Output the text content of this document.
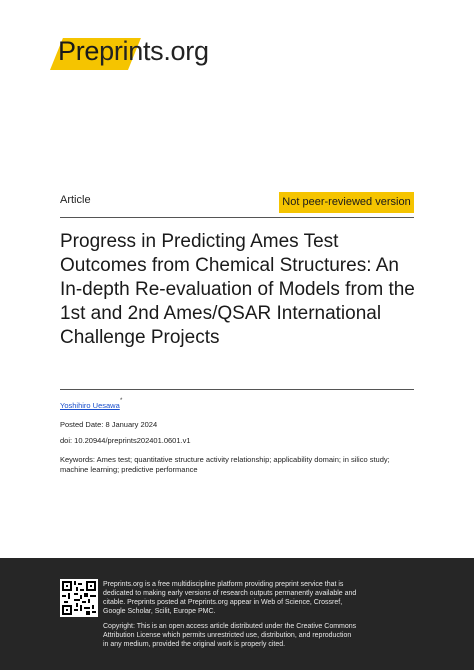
Preprints.org
Article	Not peer-reviewed version
Progress in Predicting Ames Test Outcomes from Chemical Structures: An In-depth Re-evaluation of Models from the 1st and 2nd Ames/QSAR International Challenge Projects
Yoshihiro Uesawa *
Posted Date: 8 January 2024
doi: 10.20944/preprints202401.0601.v1
Keywords: Ames test; quantitative structure activity relationship; applicability domain; in silico study; machine learning; predictive performance
Preprints.org is a free multidiscipline platform providing preprint service that is dedicated to making early versions of research outputs permanently available and citable. Preprints posted at Preprints.org appear in Web of Science, Crossref, Google Scholar, Scilit, Europe PMC.
Copyright: This is an open access article distributed under the Creative Commons Attribution License which permits unrestricted use, distribution, and reproduction in any medium, provided the original work is properly cited.
